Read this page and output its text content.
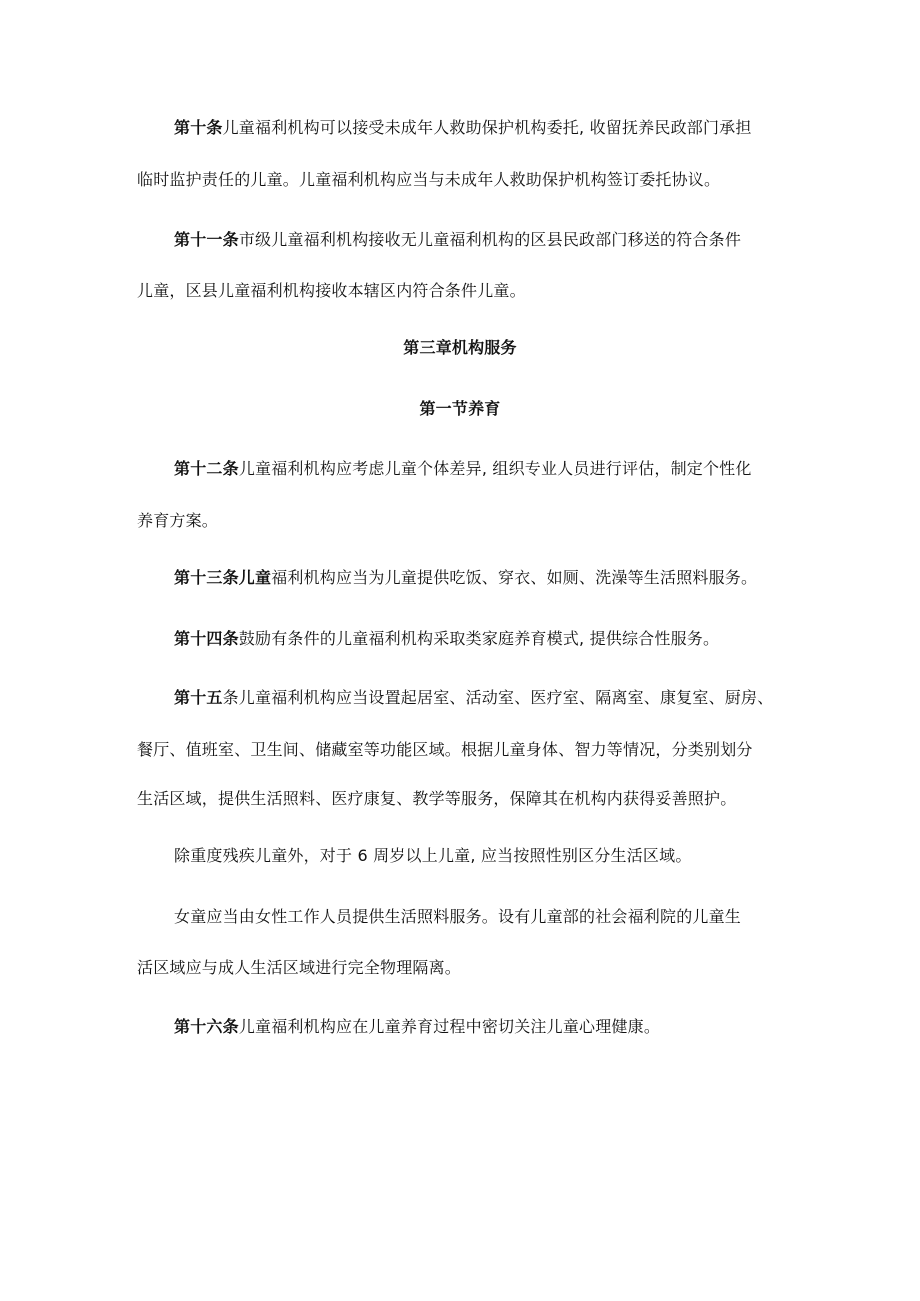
第十条儿童福利机构可以接受未成年人救助保护机构委托, 收留抚养民政部门承担
临时监护责任的儿童。儿童福利机构应当与未成年人救助保护机构签订委托协议。
第十一条市级儿童福利机构接收无儿童福利机构的区县民政部门移送的符合条件
儿童，区县儿童福利机构接收本辖区内符合条件儿童。
第三章机构服务
第一节养育
第十二条儿童福利机构应考虑儿童个体差异, 组织专业人员进行评估，制定个性化
养育方案。
第十三条儿童福利机构应当为儿童提供吃饭、穿衣、如厕、洗澡等生活照料服务。
第十四条鼓励有条件的儿童福利机构采取类家庭养育模式, 提供综合性服务。
第十五条儿童福利机构应当设置起居室、活动室、医疗室、隔离室、康复室、厨房、
餐厅、值班室、卫生间、储藏室等功能区域。根据儿童身体、智力等情况，分类别划分
生活区域，提供生活照料、医疗康复、教学等服务，保障其在机构内获得妥善照护。
除重度残疾儿童外，对于 6 周岁以上儿童, 应当按照性别区分生活区域。
女童应当由女性工作人员提供生活照料服务。设有儿童部的社会福利院的儿童生
活区域应与成人生活区域进行完全物理隔离。
第十六条儿童福利机构应在儿童养育过程中密切关注儿童心理健康。
